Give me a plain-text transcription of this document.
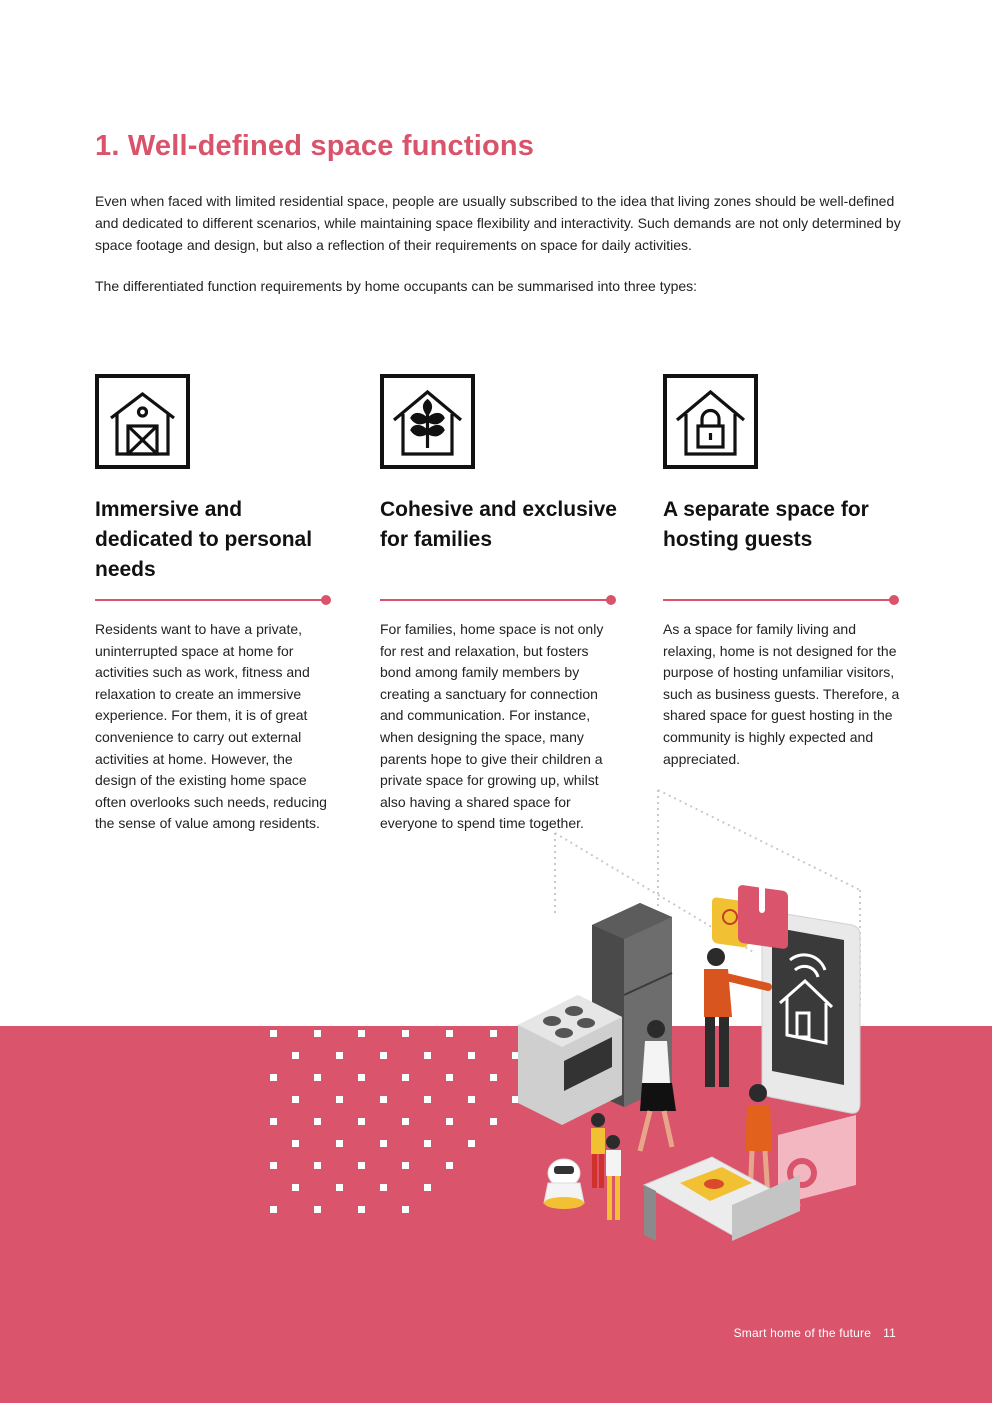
1. Well-defined space functions

Even when faced with limited residential space, people are usually subscribed to the idea that living zones should be well-defined and dedicated to different scenarios, while maintaining space flexibility and interactivity. Such demands are not only determined by space footage and design, but also a reflection of their requirements on space for daily activities.

The differentiated function requirements by home occupants can be summarised into three types:

Immersive and dedicated to personal needs

Residents want to have a private, uninterrupted space at home for activities such as work, fitness and relaxation to create an immersive experience. For them, it is of great convenience to carry out external activities at home. However, the design of the existing home space often overlooks such needs, reducing the sense of value among residents.

Cohesive and exclusive for families

For families, home space is not only for rest and relaxation, but fosters bond among family members by creating a sanctuary for connection and communication. For instance, when designing the space, many parents hope to give their children a private space for growing up, whilst also having a shared space for everyone to spend time together.

A separate space for hosting guests

As a space for family living and relaxing, home is not designed for the purpose of hosting unfamiliar visitors, such as business guests. Therefore, a shared space for guest hosting in the community is highly expected and appreciated.

Smart home of the future 11
